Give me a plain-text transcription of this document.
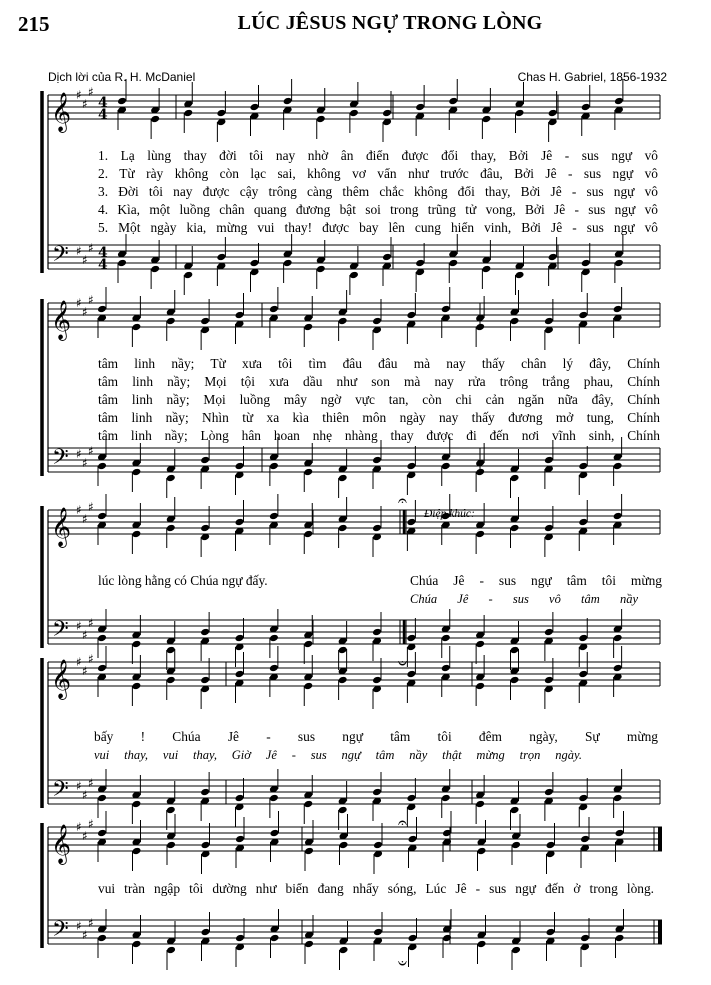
215	LÚC JÊSUS NGỰ TRONG LÒNG
Dịch lời của R. H. McDaniel	Chas H. Gabriel, 1856-1932
𝄞
𝄢
♯
♯
♯
♯
♯
♯
4
4
4
4
𝄞
𝄢
♯
♯
♯
♯
♯
♯
𝄞
𝄢
♯
♯
♯
♯
♯
♯
𝄞
𝄢
♯
♯
♯
♯
♯
♯
𝄞
𝄢
♯
♯
♯
♯
♯
♯
𝄐
𝄑
𝄐
𝄑
1. Lạ lùng thay đời tôi nay nhờ ân điển được đổi thay, Bởi Jê - sus ngự vô
2. Từ rày không còn lạc sai, không vơ vẩn như trước đâu, Bởi Jê - sus ngự vô
3. Đời tôi nay được cậy trông càng thêm chắc không đổi thay, Bởi Jê - sus ngự vô
4. Kìa, một luồng chân quang đương bật soi trong trũng tử vong, Bởi Jê - sus ngự vô
5. Một ngày kia, mừng vui thay! được bay lên cung hiển vinh, Bởi Jê - sus ngự vô
tâm linh nầy; Từ xưa tôi tìm đâu đâu mà nay thấy chân lý đây, Chính
tâm linh nầy; Mọi tội xưa dầu như son mà nay rửa trông trắng phau, Chính
tâm linh nầy; Mọi luồng mây ngờ vực tan, còn chi cản ngăn nữa đây, Chính
tâm linh nầy; Nhìn từ xa kìa thiên môn ngày nay thấy đương mở tung, Chính
tâm linh nầy; Lòng hân hoan nhẹ nhàng thay được đi đến nơi vĩnh sinh, Chính
lúc lòng hằng có Chúa ngự đấy.
Điệp khúc:
Chúa Jê - sus ngự tâm tôi mừng
Chúa Jê - sus vô tâm nầy
bấy ! Chúa Jê - sus ngự tâm tôi đêm ngày, Sự mừng
vui thay, vui thay, Giờ Jê - sus ngự tâm nầy thật mừng trọn ngày.
vui tràn ngập tôi dường như biển đang nhẩy sóng, Lúc Jê - sus ngự đến ở trong lòng.
